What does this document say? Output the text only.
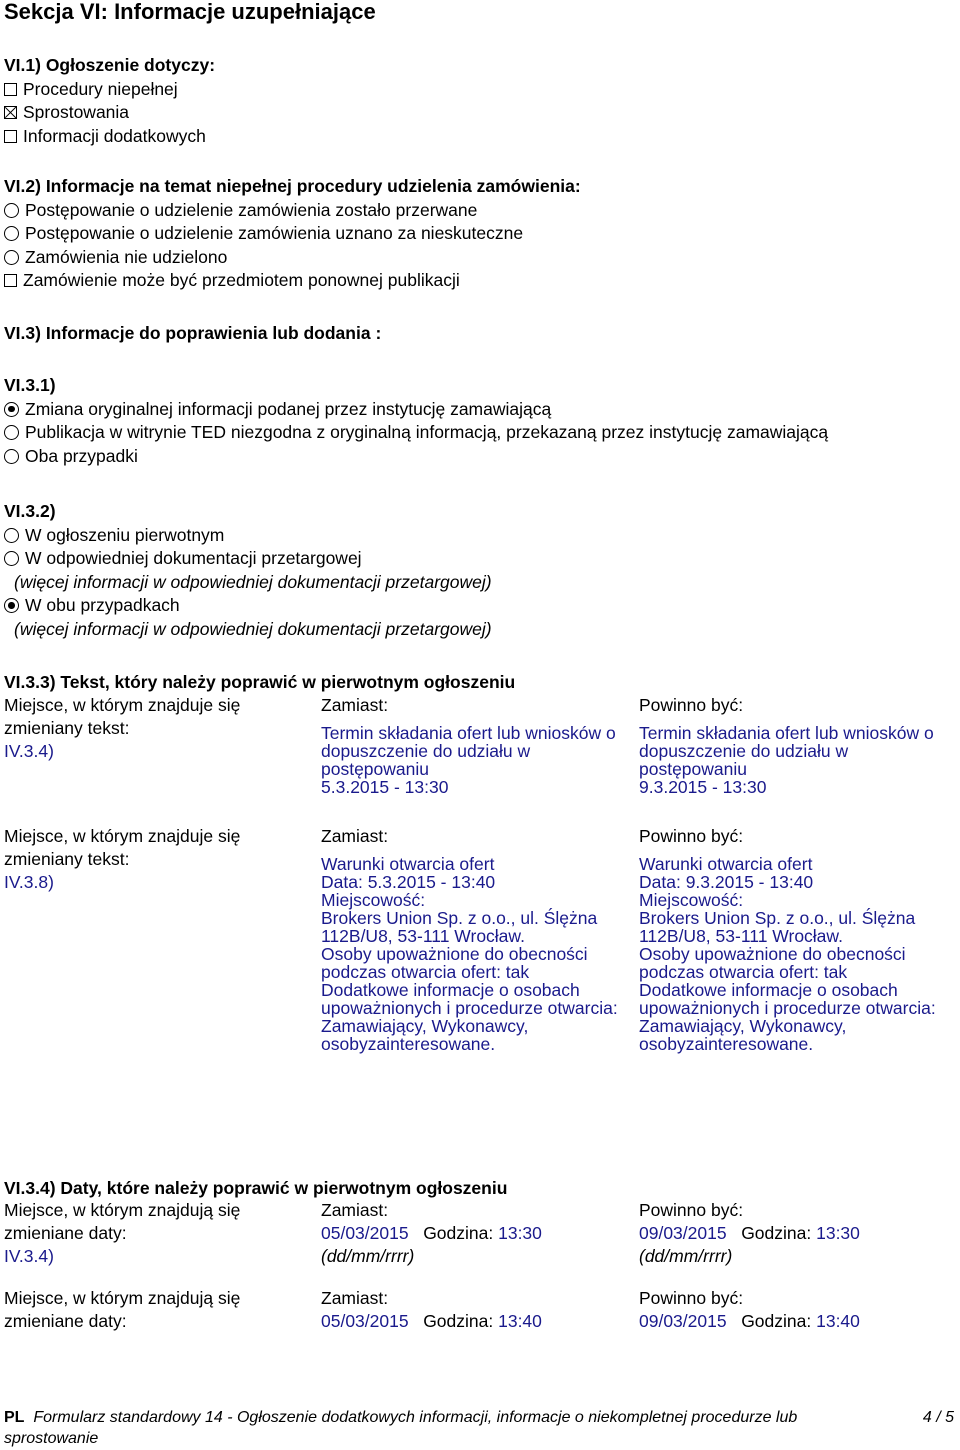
Sekcja VI: Informacje uzupełniające
VI.1) Ogłoszenie dotyczy:
Procedury niepełnej
Sprostowania
Informacji dodatkowych
VI.2) Informacje na temat niepełnej procedury udzielenia zamówienia:
Postępowanie o udzielenie zamówienia zostało przerwane
Postępowanie o udzielenie zamówienia uznano za nieskuteczne
Zamówienia nie udzielono
Zamówienie może być przedmiotem ponownej publikacji
VI.3) Informacje do poprawienia lub dodania :
VI.3.1)
Zmiana oryginalnej informacji podanej przez instytucję zamawiającą
Publikacja w witrynie TED niezgodna z oryginalną informacją, przekazaną przez instytucję zamawiającą
Oba przypadki
VI.3.2)
W ogłoszeniu pierwotnym
W odpowiedniej dokumentacji przetargowej
(więcej informacji w odpowiedniej dokumentacji przetargowej)
W obu przypadkach
(więcej informacji w odpowiedniej dokumentacji przetargowej)
VI.3.3) Tekst, który należy poprawić w pierwotnym ogłoszeniu
Miejsce, w którym znajduje się
zmieniany tekst:
IV.3.4)
Zamiast:
Termin składania ofert lub wniosków o dopuszczenie do udziału w postępowaniu
5.3.2015 - 13:30
Powinno być:
Termin składania ofert lub wniosków o dopuszczenie do udziału w postępowaniu
9.3.2015 - 13:30
Miejsce, w którym znajduje się
zmieniany tekst:
IV.3.8)
Zamiast:
Warunki otwarcia ofert
Data: 5.3.2015 - 13:40
Miejscowość:
Brokers Union Sp. z o.o., ul. Ślężna 112B/U8, 53-111 Wrocław.
Osoby upoważnione do obecności podczas otwarcia ofert: tak
Dodatkowe informacje o osobach upoważnionych i procedurze otwarcia: Zamawiający, Wykonawcy, osobyzainteresowane.
Powinno być:
Warunki otwarcia ofert
Data: 9.3.2015 - 13:40
Miejscowość:
Brokers Union Sp. z o.o., ul. Ślężna 112B/U8, 53-111 Wrocław.
Osoby upoważnione do obecności podczas otwarcia ofert: tak
Dodatkowe informacje o osobach upoważnionych i procedurze otwarcia: Zamawiający, Wykonawcy, osobyzainteresowane.
VI.3.4) Daty, które należy poprawić w pierwotnym ogłoszeniu
Miejsce, w którym znajdują się
zmieniane daty:
IV.3.4)
Zamiast:
05/03/2015 Godzina: 13:30
(dd/mm/rrrr)
Powinno być:
09/03/2015 Godzina: 13:30
(dd/mm/rrrr)
Miejsce, w którym znajdują się
zmieniane daty:
Zamiast:
05/03/2015 Godzina: 13:40
Powinno być:
09/03/2015 Godzina: 13:40
PL Formularz standardowy 14 - Ogłoszenie dodatkowych informacji, informacje o niekompletnej procedurze lub
sprostowanie
4 / 5
